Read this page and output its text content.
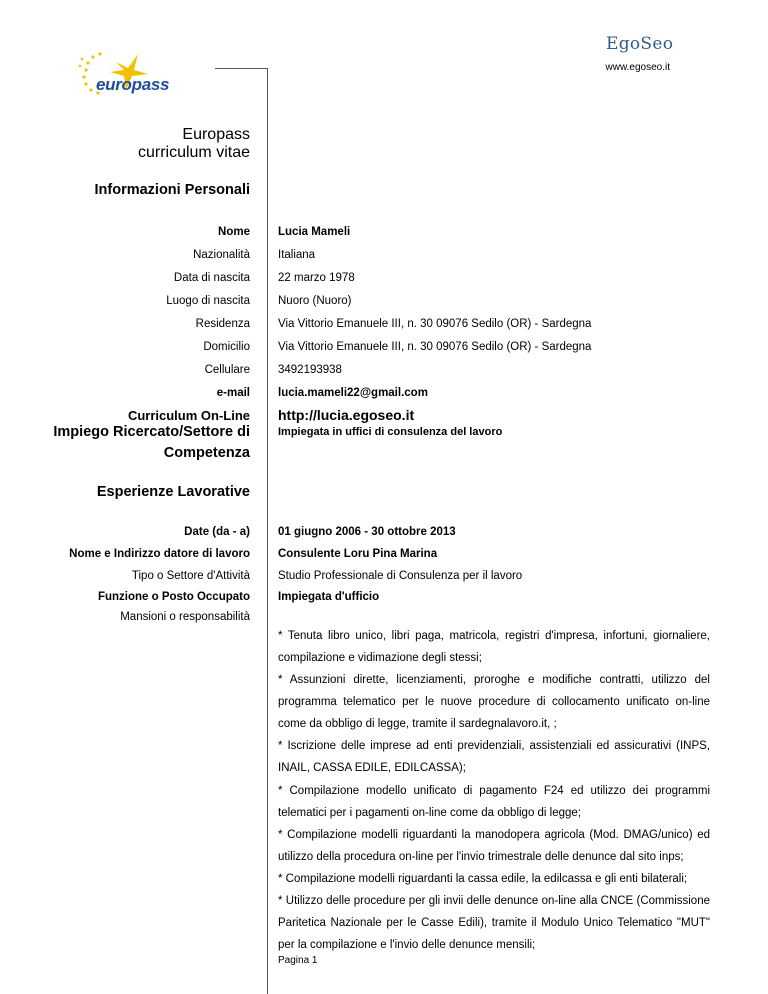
EgoSeo
www.egoseo.it
europass
Europass
curriculum vitae
Informazioni Personali
Nome Lucia Mameli
Nazionalità Italiana
Data di nascita 22 marzo 1978
Luogo di nascita Nuoro (Nuoro)
Residenza Via Vittorio Emanuele III, n. 30 09076 Sedilo (OR) - Sardegna
Domicilio Via Vittorio Emanuele III, n. 30 09076 Sedilo (OR) - Sardegna
Cellulare 3492193938
e-mail lucia.mameli22@gmail.com
Curriculum On-Line http://lucia.egoseo.it
Impiego Ricercato/Settore di
Competenza
Impiegata in uffici di consulenza del lavoro
Esperienze Lavorative
Date (da - a) 01 giugno 2006 - 30 ottobre 2013
Nome e Indirizzo datore di lavoro Consulente Loru Pina Marina
Tipo o Settore d'Attività Studio Professionale di Consulenza per il lavoro
Funzione o Posto Occupato Impiegata d'ufficio
Mansioni o responsabilità
* Tenuta libro unico, libri paga, matricola, registri d'impresa, infortuni, giornaliere, compilazione e vidimazione degli stessi;
* Assunzioni dirette, licenziamenti, proroghe e modifiche contratti, utilizzo del programma telematico per le nuove procedure di collocamento unificato on-line come da obbligo di legge, tramite il sardegnalavoro.it, ;
* Iscrizione delle imprese ad enti previdenziali, assistenziali ed assicurativi (INPS, INAIL, CASSA EDILE, EDILCASSA);
* Compilazione modello unificato di pagamento F24 ed utilizzo dei programmi telematici per i pagamenti on-line come da obbligo di legge;
* Compilazione modelli riguardanti la manodopera agricola (Mod. DMAG/unico) ed utilizzo della procedura on-line per l'invio trimestrale delle denunce dal sito inps;
* Compilazione modelli riguardanti la cassa edile, la edilcassa e gli enti bilaterali;
* Utilizzo delle procedure per gli invii delle denunce on-line alla CNCE (Commissione Paritetica Nazionale per le Casse Edili), tramite il Modulo Unico Telematico "MUT" per la compilazione e l'invio delle denunce mensili;
Pagina 1
